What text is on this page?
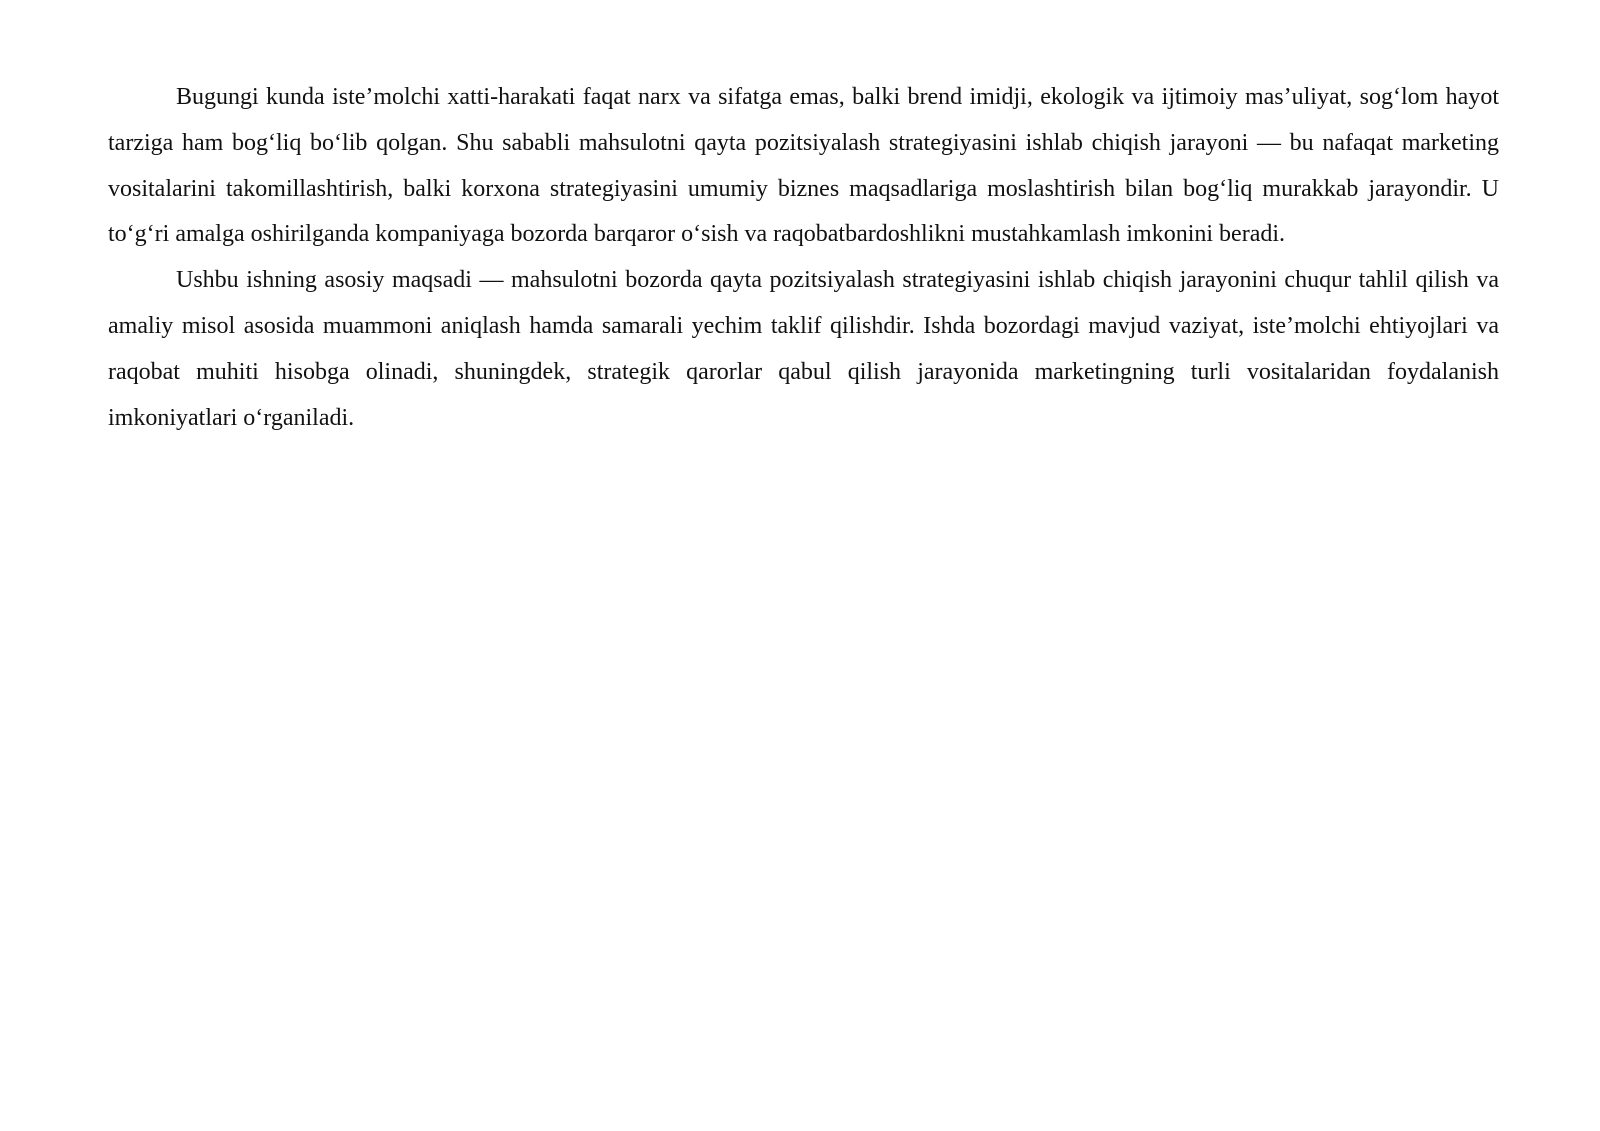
Bugungi kunda iste’molchi xatti-harakati faqat narx va sifatga emas, balki brend imidji, ekologik va ijtimoiy mas’uliyat, sog‘lom hayot tarziga ham bog‘liq bo‘lib qolgan. Shu sababli mahsulotni qayta pozitsiyalash strategiyasini ishlab chiqish jarayoni — bu nafaqat marketing vositalarini takomillashtirish, balki korxona strategiyasini umumiy biznes maqsadlariga moslashtirish bilan bog‘liq murakkab jarayondir. U to‘g‘ri amalga oshirilganda kompaniyaga bozorda barqaror o‘sish va raqobatbardoshlikni mustahkamlash imkonini beradi.

Ushbu ishning asosiy maqsadi — mahsulotni bozorda qayta pozitsiyalash strategiyasini ishlab chiqish jarayonini chuqur tahlil qilish va amaliy misol asosida muammoni aniqlash hamda samarali yechim taklif qilishdir. Ishda bozordagi mavjud vaziyat, iste’molchi ehtiyojlari va raqobat muhiti hisobga olinadi, shuningdek, strategik qarorlar qabul qilish jarayonida marketingning turli vositalaridan foydalanish imkoniyatlari o‘rganiladi.
